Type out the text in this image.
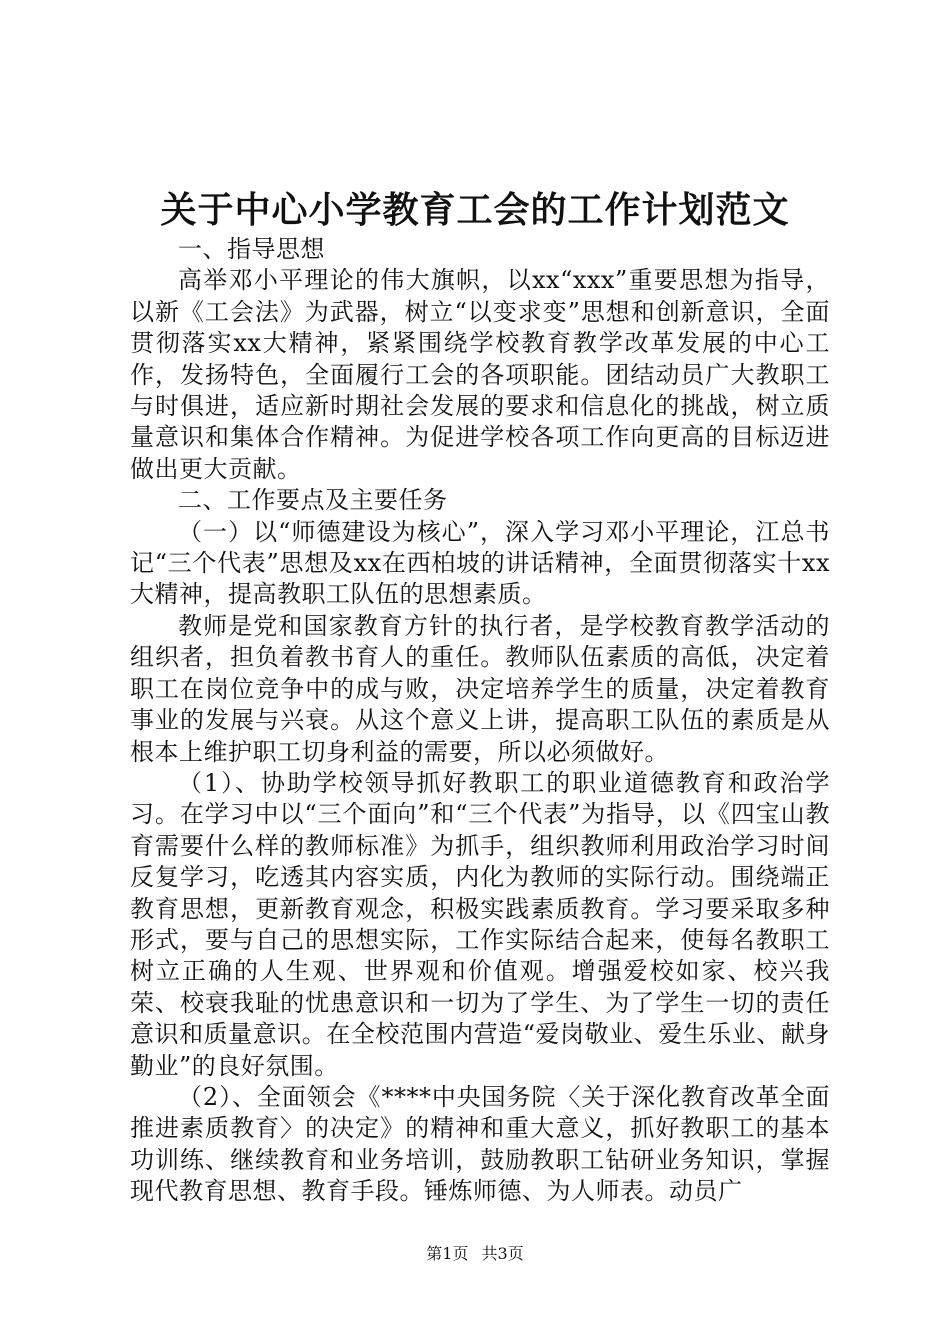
关于中心小学教育工会的工作计划范文

一、指导思想

高举邓小平理论的伟大旗帜，以xx“xxx”重要思想为指导，以新《工会法》为武器，树立“以变求变”思想和创新意识，全面贯彻落实xx大精神，紧紧围绕学校教育教学改革发展的中心工作，发扬特色，全面履行工会的各项职能。团结动员广大教职工与时俱进，适应新时期社会发展的要求和信息化的挑战，树立质量意识和集体合作精神。为促进学校各项工作向更高的目标迈进做出更大贡献。

二、工作要点及主要任务

（一）以“师德建设为核心”，深入学习邓小平理论，江总书记“三个代表”思想及xx在西柏坡的讲话精神，全面贯彻落实十xx大精神，提高教职工队伍的思想素质。

教师是党和国家教育方针的执行者，是学校教育教学活动的组织者，担负着教书育人的重任。教师队伍素质的高低，决定着职工在岗位竞争中的成与败，决定培养学生的质量，决定着教育事业的发展与兴衰。从这个意义上讲，提高职工队伍的素质是从根本上维护职工切身利益的需要，所以必须做好。

（1）、协助学校领导抓好教职工的职业道德教育和政治学习。在学习中以“三个面向”和“三个代表”为指导，以《四宝山教育需要什么样的教师标准》为抓手，组织教师利用政治学习时间反复学习，吃透其内容实质，内化为教师的实际行动。围绕端正教育思想，更新教育观念，积极实践素质教育。学习要采取多种形式，要与自己的思想实际，工作实际结合起来，使每名教职工树立正确的人生观、世界观和价值观。增强爱校如家、校兴我荣、校衰我耻的忧患意识和一切为了学生、为了学生一切的责任意识和质量意识。在全校范围内营造“爱岗敬业、爱生乐业、献身勤业”的良好氛围。

（2）、全面领会《****中央国务院〈关于深化教育改革全面推进素质教育〉的决定》的精神和重大意义，抓好教职工的基本功训练、继续教育和业务培训，鼓励教职工钻研业务知识，掌握现代教育思想、教育手段。锤炼师德、为人师表。动员广

第1页 共3页
